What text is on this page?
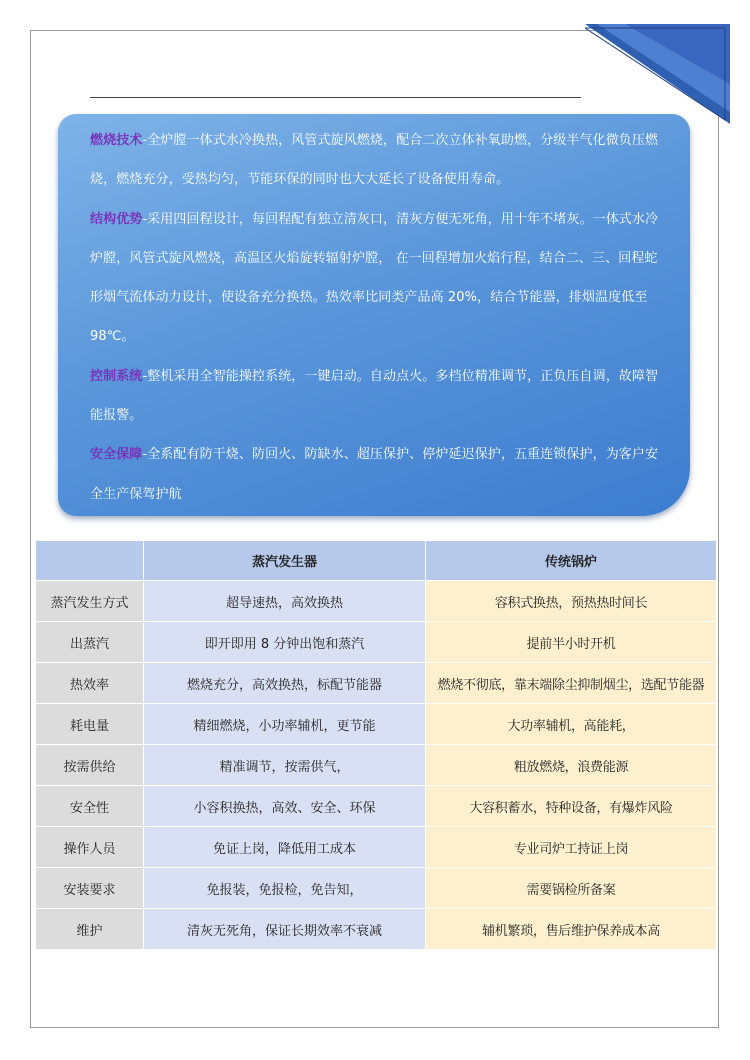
燃烧技术-全炉膛一体式水冷换热，风管式旋风燃烧，配合二次立体补氧助燃，分级半气化微负压燃烧，燃烧充分，受热均匀，节能环保的同时也大大延长了设备使用寿命。

结构优势-采用四回程设计，每回程配有独立清灰口，清灰方便无死角，用十年不堵灰。一体式水冷炉膛，风管式旋风燃烧，高温区火焰旋转辐射炉膛， 在一回程增加火焰行程，结合二、三、回程蛇形烟气流体动力设计，使设备充分换热。热效率比同类产品高 20%，结合节能器，排烟温度低至 98℃。

控制系统-整机采用全智能操控系统，一键启动。自动点火。多档位精准调节，正负压自调，故障智能报警。

安全保障-全系配有防干烧、防回火、防缺水、超压保护、停炉延迟保护，五重连锁保护，为客户安全生产保驾护航

	蒸汽发生器	传统锅炉
蒸汽发生方式	超导速热，高效换热	容积式换热，预热热时间长
出蒸汽	即开即用 8 分钟出饱和蒸汽	提前半小时开机
热效率	燃烧充分，高效换热，标配节能器	燃烧不彻底，靠末端除尘抑制烟尘，选配节能器
耗电量	精细燃烧，小功率辅机，更节能	大功率辅机，高能耗，
按需供给	精准调节，按需供气，	粗放燃烧，浪费能源
安全性	小容积换热，高效、安全、环保	大容积蓄水，特种设备，有爆炸风险
操作人员	免证上岗，降低用工成本	专业司炉工持证上岗
安装要求	免报装，免报检，免告知，	需要锅检所备案
维护	清灰无死角，保证长期效率不衰减	辅机繁琐，售后维护保养成本高
